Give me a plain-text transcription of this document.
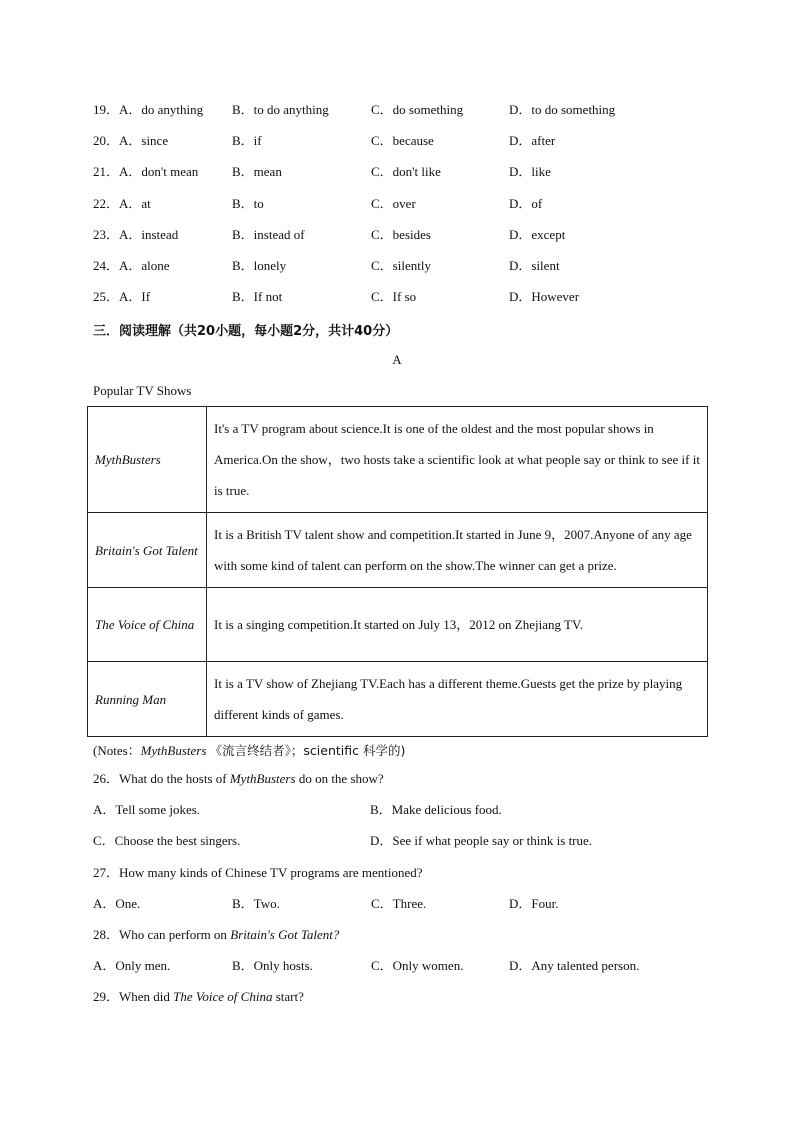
19．A．do anything B．to do anything	C．do something	D．to do something
20．A．since	B．if	C．because	D．after
21．A．don't mean	B．mean	C．don't like	D．like
22．A．at	B．to	C．over	D．of
23．A．instead	B．instead of	C．besides	D．except
24．A．alone	B．lonely	C．silently	D．silent
25．A．If	B．If not	C．If so	D．However
三．阅读理解（共20小题，每小题2分，共计40分）
A
Popular TV Shows
MythBusters	It's a TV program about science.It is one of the oldest and the most popular shows in America.On the show，two hosts take a scientific look at what people say or think to see if it is true.
Britain's Got Talent	It is a British TV talent show and competition.It started in June 9，2007.Anyone of any age with some kind of talent can perform on the show.The winner can get a prize.
The Voice of China	It is a singing competition.It started on July 13，2012 on Zhejiang TV.
Running Man	It is a TV show of Zhejiang TV.Each has a different theme.Guests get the prize by playing different kinds of games.
(Notes：MythBusters 《流言终结者》；scientific 科学的)
26．What do the hosts of MythBusters do on the show?
A．Tell some jokes.	B．Make delicious food.
C．Choose the best singers.	D．See if what people say or think is true.
27．How many kinds of Chinese TV programs are mentioned?
A．One.	B．Two.	C．Three.	D．Four.
28．Who can perform on Britain's Got Talent?
A．Only men.	B．Only hosts.	C．Only women.	D．Any talented person.
29．When did The Voice of China start?
